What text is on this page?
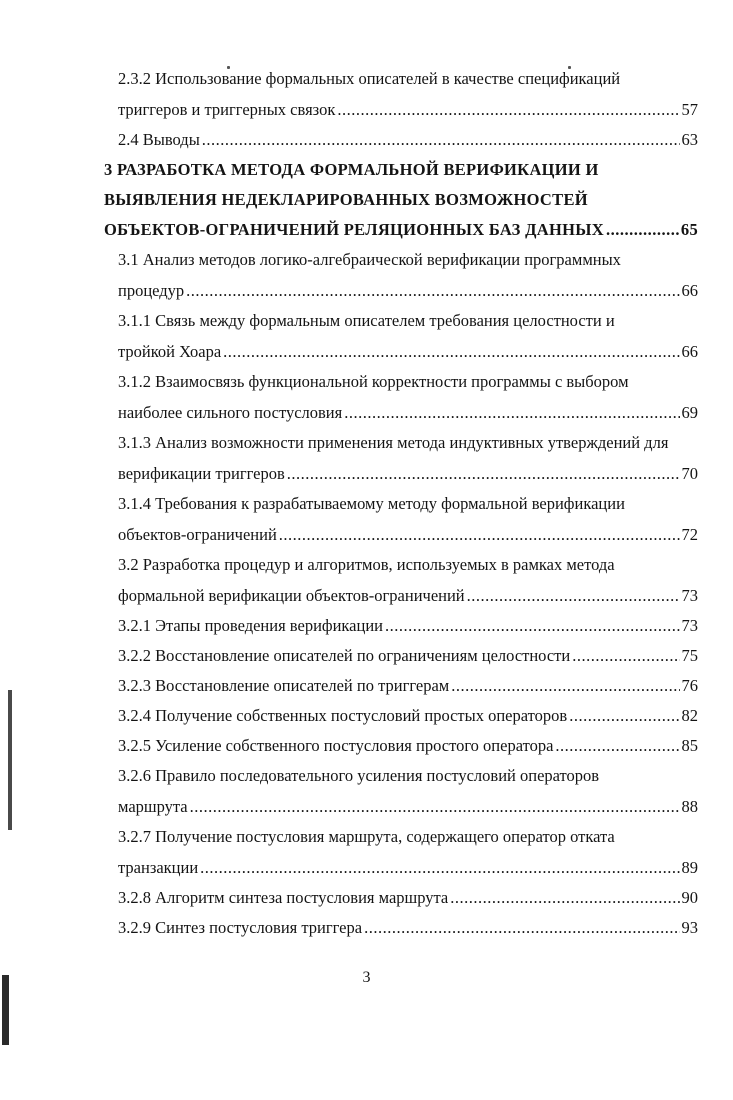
2.3.2 Использование формальных описателей в качестве спецификаций
триггеров и триггерных связок .....	57
2.4 Выводы .....	63
3 РАЗРАБОТКА МЕТОДА ФОРМАЛЬНОЙ ВЕРИФИКАЦИИ И
ВЫЯВЛЕНИЯ НЕДЕКЛАРИРОВАННЫХ ВОЗМОЖНОСТЕЙ
ОБЪЕКТОВ-ОГРАНИЧЕНИЙ РЕЛЯЦИОННЫХ БАЗ ДАННЫХ .....	65
3.1 Анализ методов логико-алгебраической верификации программных
процедур .....	66
3.1.1 Связь между формальным описателем требования целостности и
тройкой Хоара .....	66
3.1.2 Взаимосвязь функциональной корректности программы с выбором
наиболее сильного постусловия .....	69
3.1.3 Анализ возможности применения метода индуктивных утверждений для
верификации триггеров .....	70
3.1.4 Требования к разрабатываемому методу формальной верификации
объектов-ограничений .....	72
3.2 Разработка процедур и алгоритмов, используемых в рамках метода
формальной верификации объектов-ограничений .....	73
3.2.1 Этапы проведения верификации .....	73
3.2.2 Восстановление описателей по ограничениям целостности .....	75
3.2.3 Восстановление описателей по триггерам .....	76
3.2.4 Получение собственных постусловий простых операторов .....	82
3.2.5 Усиление собственного постусловия простого оператора .....	85
3.2.6 Правило последовательного усиления постусловий операторов
маршрута .....	88
3.2.7 Получение постусловия маршрута, содержащего оператор отката
транзакции .....	89
3.2.8 Алгоритм синтеза постусловия маршрута .....	90
3.2.9 Синтез постусловия триггера .....	93
3
